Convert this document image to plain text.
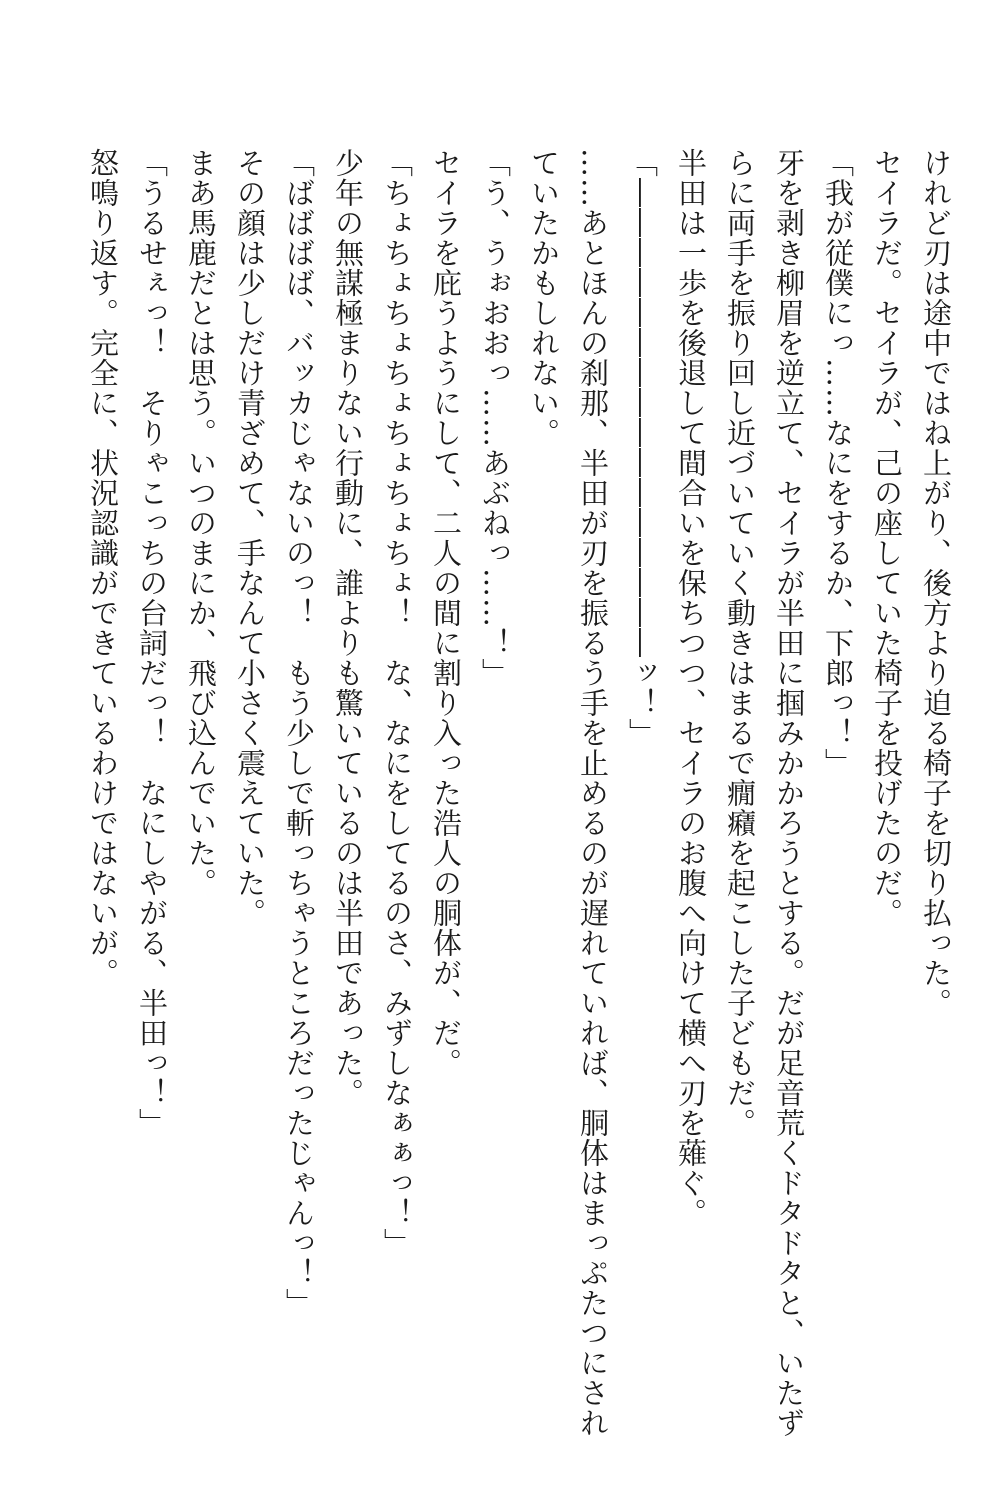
けれど刃は途中ではね上がり、後方より迫る椅子を切り払った。
セイラだ。セイラが、己の座していた椅子を投げたのだ。
「我が従僕にっ……なにをするか、下郎っ！」
牙を剥き柳眉を逆立て、セイラが半田に掴みかかろうとする。だが足音荒くドタドタと、いたず
らに両手を振り回し近づいていく動きはまるで癇癪を起こした子どもだ。
半田は一歩を後退して間合いを保ちつつ、セイラのお腹へ向けて横へ刃を薙ぐ。
「――――――――――――――――ッ！」
……あとほんの刹那、半田が刃を振るう手を止めるのが遅れていれば、胴体はまっぷたつにされ
ていたかもしれない。
「う、うぉおおっ……あぶねっ……！」
セイラを庇うようにして、二人の間に割り入った浩人の胴体が、だ。
「ちょちょちょちょちょちょちょ！　な、なにをしてるのさ、みずしなぁぁっ！」
少年の無謀極まりない行動に、誰よりも驚いているのは半田であった。
「ばばばば、バッカじゃないのっ！　もう少しで斬っちゃうところだったじゃんっ！」
その顔は少しだけ青ざめて、手なんて小さく震えていた。
まあ馬鹿だとは思う。いつのまにか、飛び込んでいた。
「うるせぇっ！　そりゃこっちの台詞だっ！　なにしやがる、半田っ！」
怒鳴り返す。完全に、状況認識ができているわけではないが。
